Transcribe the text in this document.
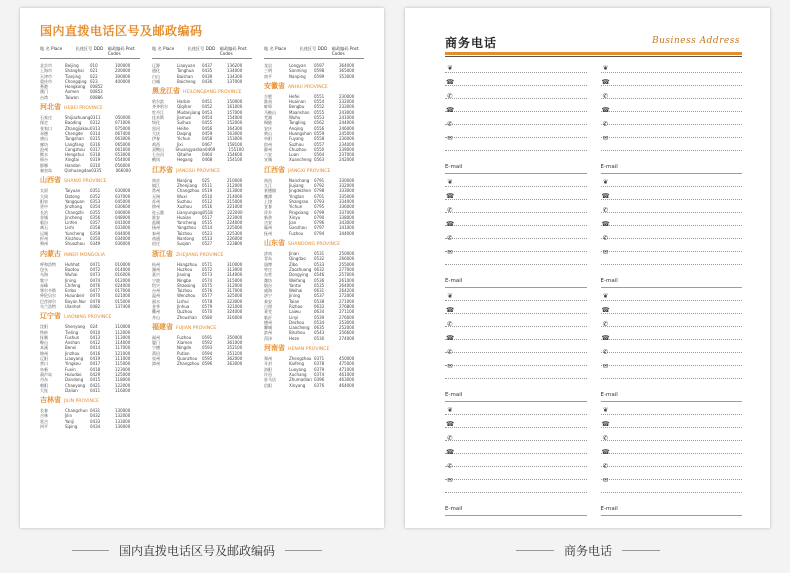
国内直拨电话区号及邮政编码
地 名 Place	长途区号 DDD	邮政编码 Post Codes
北京市	Beijing	010	100000
上海市	Shanghai	021	200000
天津市	Tianjing	022	300000
重庆市	Chongqing 023	400000
香港	Hongkong	00852
澳门	Aomen	00853
台湾	Taiwan	00886
河北省 HEBEI PROVINCE
石家庄	Shijiazhuang 0311	050000
保定	Baoding	0312	071000
张家口	Zhangjiakou 0313	075000
承德	Chengde	0314	067400
唐山	Tangshan	0315	063000
廊坊	Langfang	0316	065000
沧州	Cangzhou	0317	061000
衡水	Hengshui	0318	053000
邢台	Xingtai	0319	054000
邯郸	Handan	0310	056000
秦皇岛	Qinhuangdao 0335	066000
山西省 SHANXI PROVINCE
太原	Taiyuan	0351	030000
大同	Datong	0352	037000
阳泉	Yangquan	0353	045000
晋中	Jinzhong	0354	030600
长治	Changzhi	0355	046000
晋城	Jincheng	0356	048000
临汾	Linfen	0357	041000
离石	Lishi	0358	033000
运城	Yuncheng	0359	044000
忻州	Xinzhou	0350	034000
朔州	Shuozhou	0349	036000
内蒙古 INNER MONGOLIA
呼和浩特	Huhhot	0471	010000
包头	Baotou	0472	014000
乌海	Wuhai	0473	016000
集宁	Jining	0474	012000
赤峰	Chifeng	0476	024000
鄂尔多斯	Erdos	0477	017000
呼伦贝尔	Hulunbeir	0470	021000
巴彦淖尔	Bayan Nur	0478	015000
乌兰浩特	Ulanhot	0482	137400
辽宁省 LIAONING PROVINCE
沈阳	Shenyang	024	110000
铁岭	Tieling	0410	112000
抚顺	Fushun	0413	113000
鞍山	Anshan	0412	114000
本溪	Benxi	0414	117000
锦州	Jinzhou	0416	121000
辽阳	Liaoyang	0419	111000
营口	Yingkou	0417	115000
阜新	Fuxin	0418	123000
葫芦岛	Huludao	0429	125000
丹东	Dandong	0415	118000
朝阳	Chaoyang	0421	122000
大连	Dalian	0411	116000
吉林省 JILIN PROVINCE
长春	Changchun 0431	130000
吉林	Jilin	0432	132000
延吉	Yanji	0433	133000
四平	Siping	0434	136000
地 名 Place	长途区号 DDD	邮政编码 Post Codes
辽源	Liaoyuan	0437	136200
通化	Tonghua	0435	134000
白山	Baishan	0439	134300
白城	Baicheng	0436	137000
黑龙江省 HEILONGJIANG PROVINCE
哈尔滨	Harbin	0451	150000
齐齐哈尔	Qiqihar	0452	161000
牡丹江	Mudanjiang 0453	157000
佳木斯	Jiamusi	0454	154000
绥化	Suihua	0455	152000
黑河	Heihe	0456	164300
大庆	Daqing	0459	163000
伊春	Yichun	0458	153000
鸡西	Jixi	0467	158100
双鸭山	Shuangyashan 0469	155100
七台河	Qitaihe	0464	154600
鹤岗	Hegang	0468	154100
江苏省 JIANGSU PROVINCE
南京	Nanjing	025	210000
镇江	Zhenjiang	0511	212000
常州	Changzhou 0519	213000
无锡	Wuxi	0510	214000
苏州	Suzhou	0512	215000
徐州	Xuzhou	0516	221000
连云港	Lianyungang 0518	222000
淮安	Huaian	0517	223000
盐城	Yancheng	0515	224000
扬州	Yangzhou	0514	225000
泰州	Taizhou	0523	225300
南通	Nantong	0513	226000
宿迁	Suqian	0527	223800
浙江省 ZHEJIANG PROVINCE
杭州	Hangzhou	0571	310000
湖州	Huzhou	0572	313000
嘉兴	Jiaxing	0573	314000
宁波	Ningbo	0574	315000
绍兴	Shaoxing	0575	312000
台州	Taizhou	0576	317000
温州	Wenzhou	0577	325000
丽水	Lishui	0578	323000
金华	Jinhua	0579	321000
衢州	Quzhou	0570	324000
舟山	Zhoushan	0580	316000
福建省 FUJIAN PROVINCE
福州	Fuzhou	0591	350000
厦门	Xiamen	0592	361000
宁德	Ningde	0593	352100
莆田	Putian	0594	351100
泉州	Quanzhou	0595	362000
漳州	Zhangzhou 0596	363000
地 名 Place	长途区号 DDD	邮政编码 Post Codes
龙岩	Longyan	0597	364000
三明	Sanming	0598	365000
南平	Nanping	0599	353000
安徽省 ANHUI PROVINCE
合肥	Hefei	0551	230000
淮南	Huainan	0554	232000
蚌埠	Bengbu	0552	233000
马鞍山	Maanshan	0555	243000
芜湖	Wuhu	0553	241000
铜陵	Tongling	0562	244000
安庆	Anqing	0556	246000
黄山	Huangshan 0559	245000
阜阳	Fuyang	0558	236000
宿州	Suzhou	0557	234000
滁州	Chuzhou	0550	239000
六安	Luan	0564	237000
宣城	Xuancheng 0563	242000
江西省 JIANGXI PROVINCE
南昌	Nanchang	0791	330000
九江	Jiujiang	0792	332000
景德镇	Jingdezhen 0798	333000
鹰潭	Yingtan	0701	335000
上饶	Shangrao	0793	334000
宜春	Yichun	0795	336000
萍乡	Pingxiang	0799	337000
新余	Xinyu	0790	338000
吉安	Jian	0796	343000
赣州	Ganzhou	0797	341000
抚州	Fuzhou	0794	344000
山东省 SHANDONG PROVINCE
济南	Jinan	0531	250000
青岛	Qingdao	0532	266000
淄博	Zibo	0533	255000
枣庄	Zaozhuang 0632	277000
东营	Dongying	0546	257000
潍坊	Weifang	0536	261000
烟台	Yantai	0535	264000
威海	Weihai	0631	264200
济宁	Jining	0537	272000
泰安	Taian	0538	271000
日照	Rizhao	0633	276800
莱芜	Laiwu	0634	271100
临沂	Linyi	0539	276000
德州	Dezhou	0534	253000
聊城	Liaocheng	0635	252000
滨州	Binzhou	0543	256600
菏泽	Heze	0530	274000
河南省 HENAN PROVINCE
郑州	Zhengzhou 0371	450000
开封	Kaifeng	0378	475000
洛阳	Luoyang	0379	471000
许昌	Xuchang	0374	461000
驻马店	Zhumadian 0396	463000
信阳	Xinyang	0376	464000
商务电话	Business Address
❦
☎
✆
☎
✆
✉
E-mail
❦
☎
✆
☎
✆
✉
E-mail
❦
☎
✆
☎
✆
✉
E-mail
❦
☎
✆
☎
✆
✉
E-mail
❦
☎
✆
☎
✆
✉
E-mail
❦
☎
✆
☎
✆
✉
E-mail
❦
☎
✆
☎
✆
✉
E-mail
❦
☎
✆
☎
✆
✉
E-mail
国内直拨电话区号及邮政编码	商务电话
